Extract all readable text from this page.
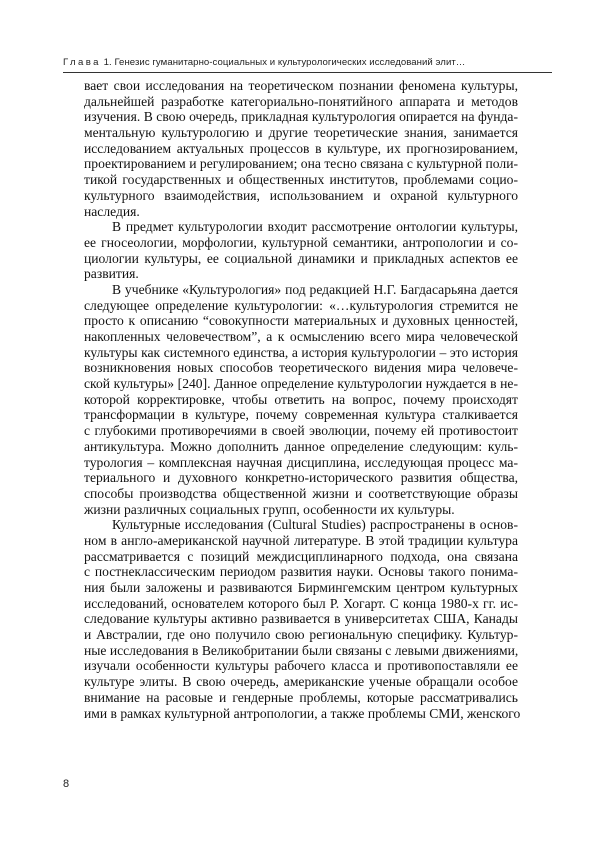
Глава 1. Генезис гуманитарно-социальных и культурологических исследований элит…
вает свои исследования на теоретическом познании феномена культуры,
дальнейшей разработке категориально-понятийного аппарата и методов
изучения. В свою очередь, прикладная культурология опирается на фунда-
ментальную культурологию и другие теоретические знания, занимается
исследованием актуальных процессов в культуре, их прогнозированием,
проектированием и регулированием; она тесно связана с культурной поли-
тикой государственных и общественных институтов, проблемами социо-
культурного взаимодействия, использованием и охраной культурного
наследия.
В предмет культурологии входит рассмотрение онтологии культуры,
ее гносеологии, морфологии, культурной семантики, антропологии и со-
циологии культуры, ее социальной динамики и прикладных аспектов ее
развития.
В учебнике «Культурология» под редакцией Н.Г. Багдасарьяна дается
следующее определение культурологии: «…культурология стремится не
просто к описанию “совокупности материальных и духовных ценностей,
накопленных человечеством”, а к осмыслению всего мира человеческой
культуры как системного единства, а история культурологии – это история
возникновения новых способов теоретического видения мира человече-
ской культуры» [240]. Данное определение культурологии нуждается в не-
которой корректировке, чтобы ответить на вопрос, почему происходят
трансформации в культуре, почему современная культура сталкивается
с глубокими противоречиями в своей эволюции, почему ей противостоит
антикультура. Можно дополнить данное определение следующим: куль-
турология – комплексная научная дисциплина, исследующая процесс ма-
териального и духовного конкретно-исторического развития общества,
способы производства общественной жизни и соответствующие образы
жизни различных социальных групп, особенности их культуры.
Культурные исследования (Cultural Studies) распространены в основ-
ном в англо-американской научной литературе. В этой традиции культура
рассматривается с позиций междисциплинарного подхода, она связана
с постнеклассическим периодом развития науки. Основы такого понима-
ния были заложены и развиваются Бирмингемским центром культурных
исследований, основателем которого был Р. Хогарт. С конца 1980-х гг. ис-
следование культуры активно развивается в университетах США, Канады
и Австралии, где оно получило свою региональную специфику. Культур-
ные исследования в Великобритании были связаны с левыми движениями,
изучали особенности культуры рабочего класса и противопоставляли ее
культуре элиты. В свою очередь, американские ученые обращали особое
внимание на расовые и гендерные проблемы, которые рассматривались
ими в рамках культурной антропологии, а также проблемы СМИ, женского
8
